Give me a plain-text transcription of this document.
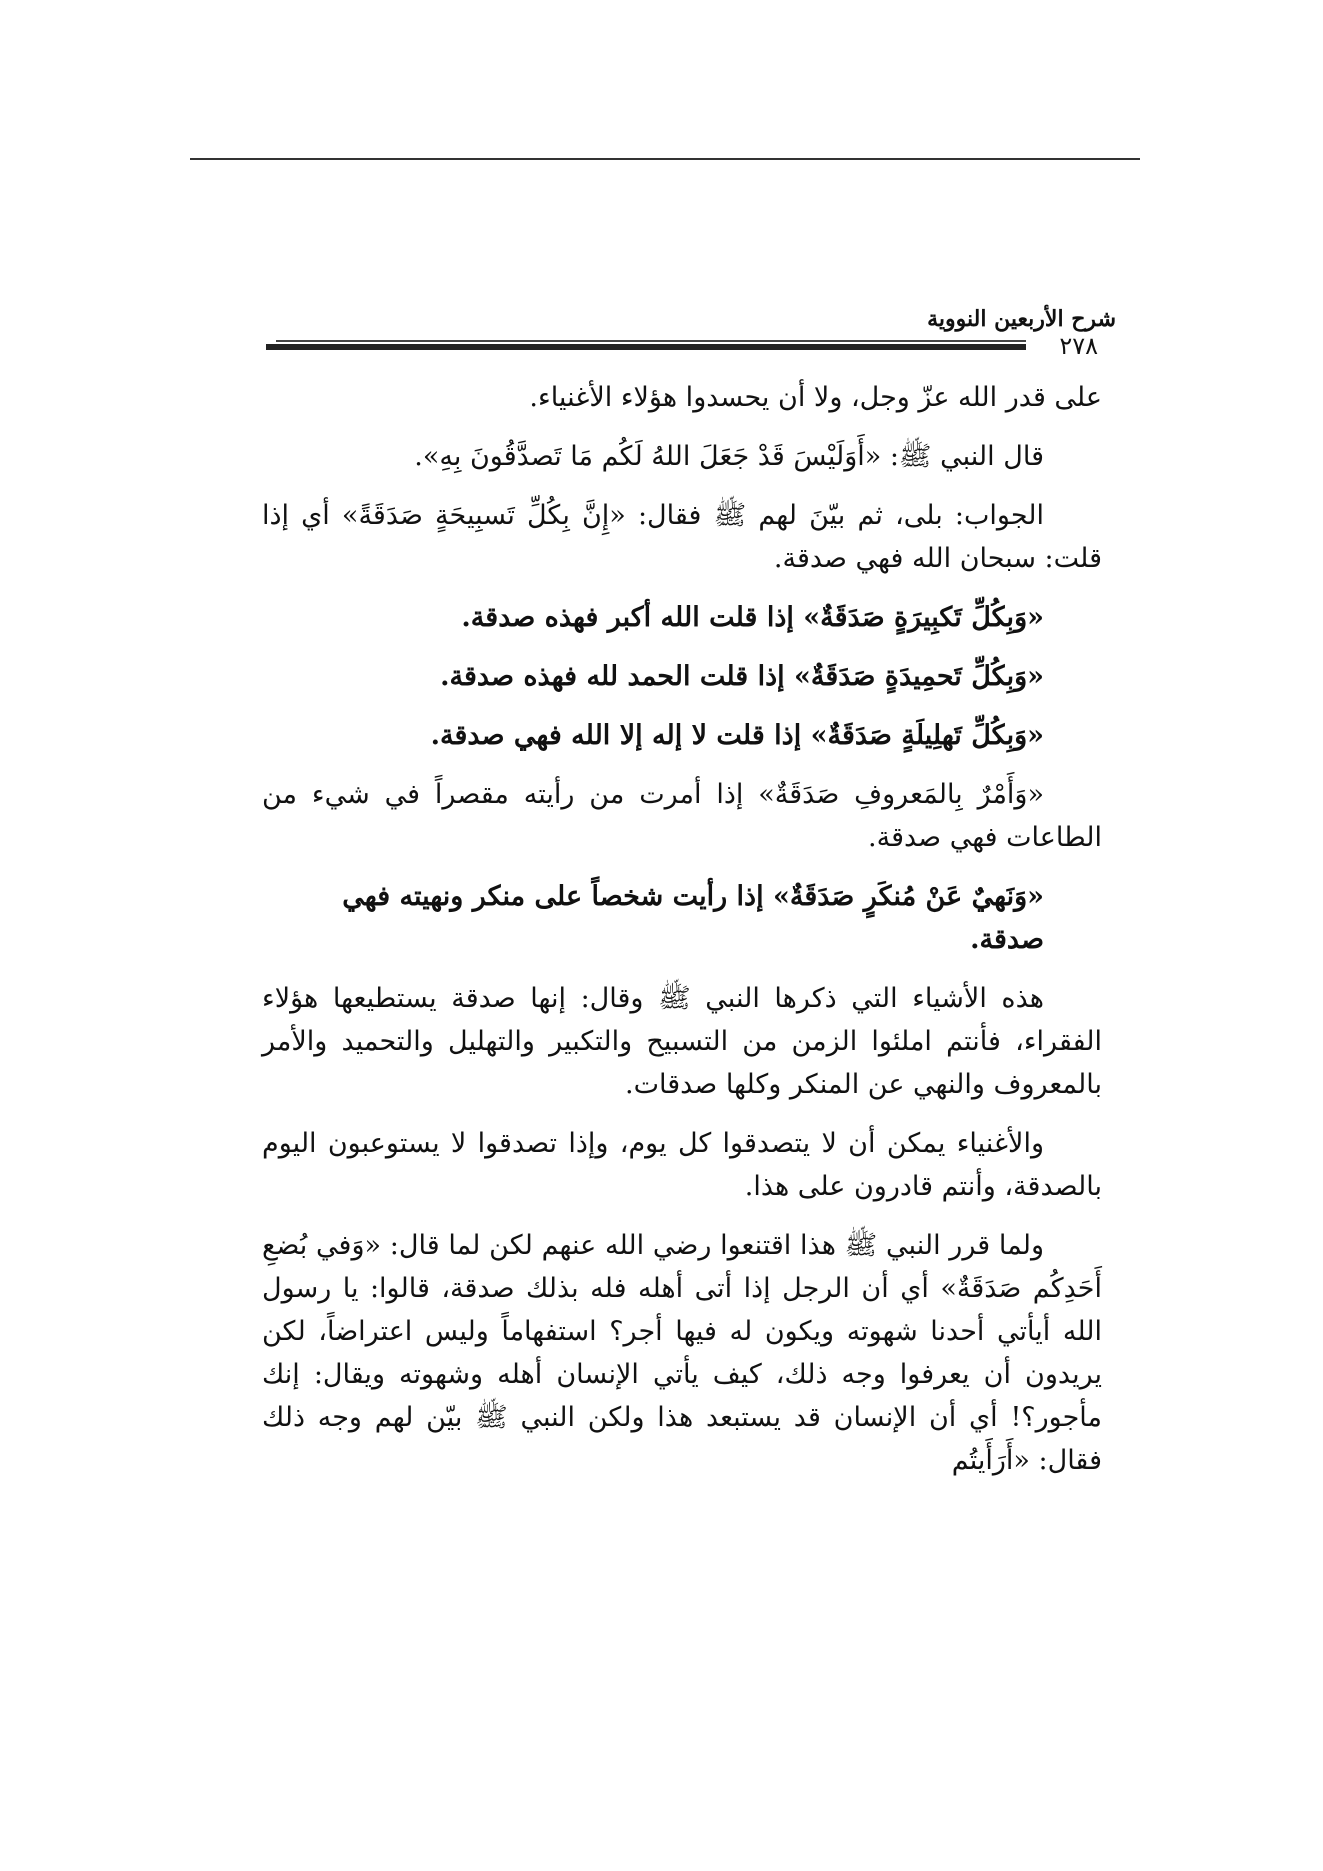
شرح الأربعين النووية
٢٧٨

على قدر الله عزّ وجل، ولا أن يحسدوا هؤلاء الأغنياء.

قال النبي ﷺ: «أَوَلَيْسَ قَدْ جَعَلَ اللهُ لَكُم مَا تَصدَّقُونَ بِهِ».

الجواب: بلى، ثم بيّنَ لهم ﷺ فقال: «إِنَّ بِكُلِّ تَسبِيحَةٍ صَدَقَةً» أي إذا قلت: سبحان الله فهي صدقة.

«وَبِكُلِّ تَكبِيرَةٍ صَدَقَةٌ» إذا قلت الله أكبر فهذه صدقة.

«وَبِكُلِّ تَحمِيدَةٍ صَدَقَةٌ» إذا قلت الحمد لله فهذه صدقة.

«وَبِكُلِّ تَهلِيلَةٍ صَدَقَةٌ» إذا قلت لا إله إلا الله فهي صدقة.

«وَأَمْرٌ بِالمَعروفِ صَدَقَةٌ» إذا أمرت من رأيته مقصراً في شيء من الطاعات فهي صدقة.

«وَنَهيٌ عَنْ مُنكَرٍ صَدَقَةٌ» إذا رأيت شخصاً على منكر ونهيته فهي صدقة.

هذه الأشياء التي ذكرها النبي ﷺ وقال: إنها صدقة يستطيعها هؤلاء الفقراء، فأنتم املئوا الزمن من التسبيح والتكبير والتهليل والتحميد والأمر بالمعروف والنهي عن المنكر وكلها صدقات.

والأغنياء يمكن أن لا يتصدقوا كل يوم، وإذا تصدقوا لا يستوعبون اليوم بالصدقة، وأنتم قادرون على هذا.

ولما قرر النبي ﷺ هذا اقتنعوا رضي الله عنهم لكن لما قال: «وَفي بُضعِ أَحَدِكُم صَدَقَةٌ» أي أن الرجل إذا أتى أهله فله بذلك صدقة، قالوا: يا رسول الله أيأتي أحدنا شهوته ويكون له فيها أجر؟ استفهاماً وليس اعتراضاً، لكن يريدون أن يعرفوا وجه ذلك، كيف يأتي الإنسان أهله وشهوته ويقال: إنك مأجور؟! أي أن الإنسان قد يستبعد هذا ولكن النبي ﷺ بيّن لهم وجه ذلك فقال: «أَرَأَيتُم
